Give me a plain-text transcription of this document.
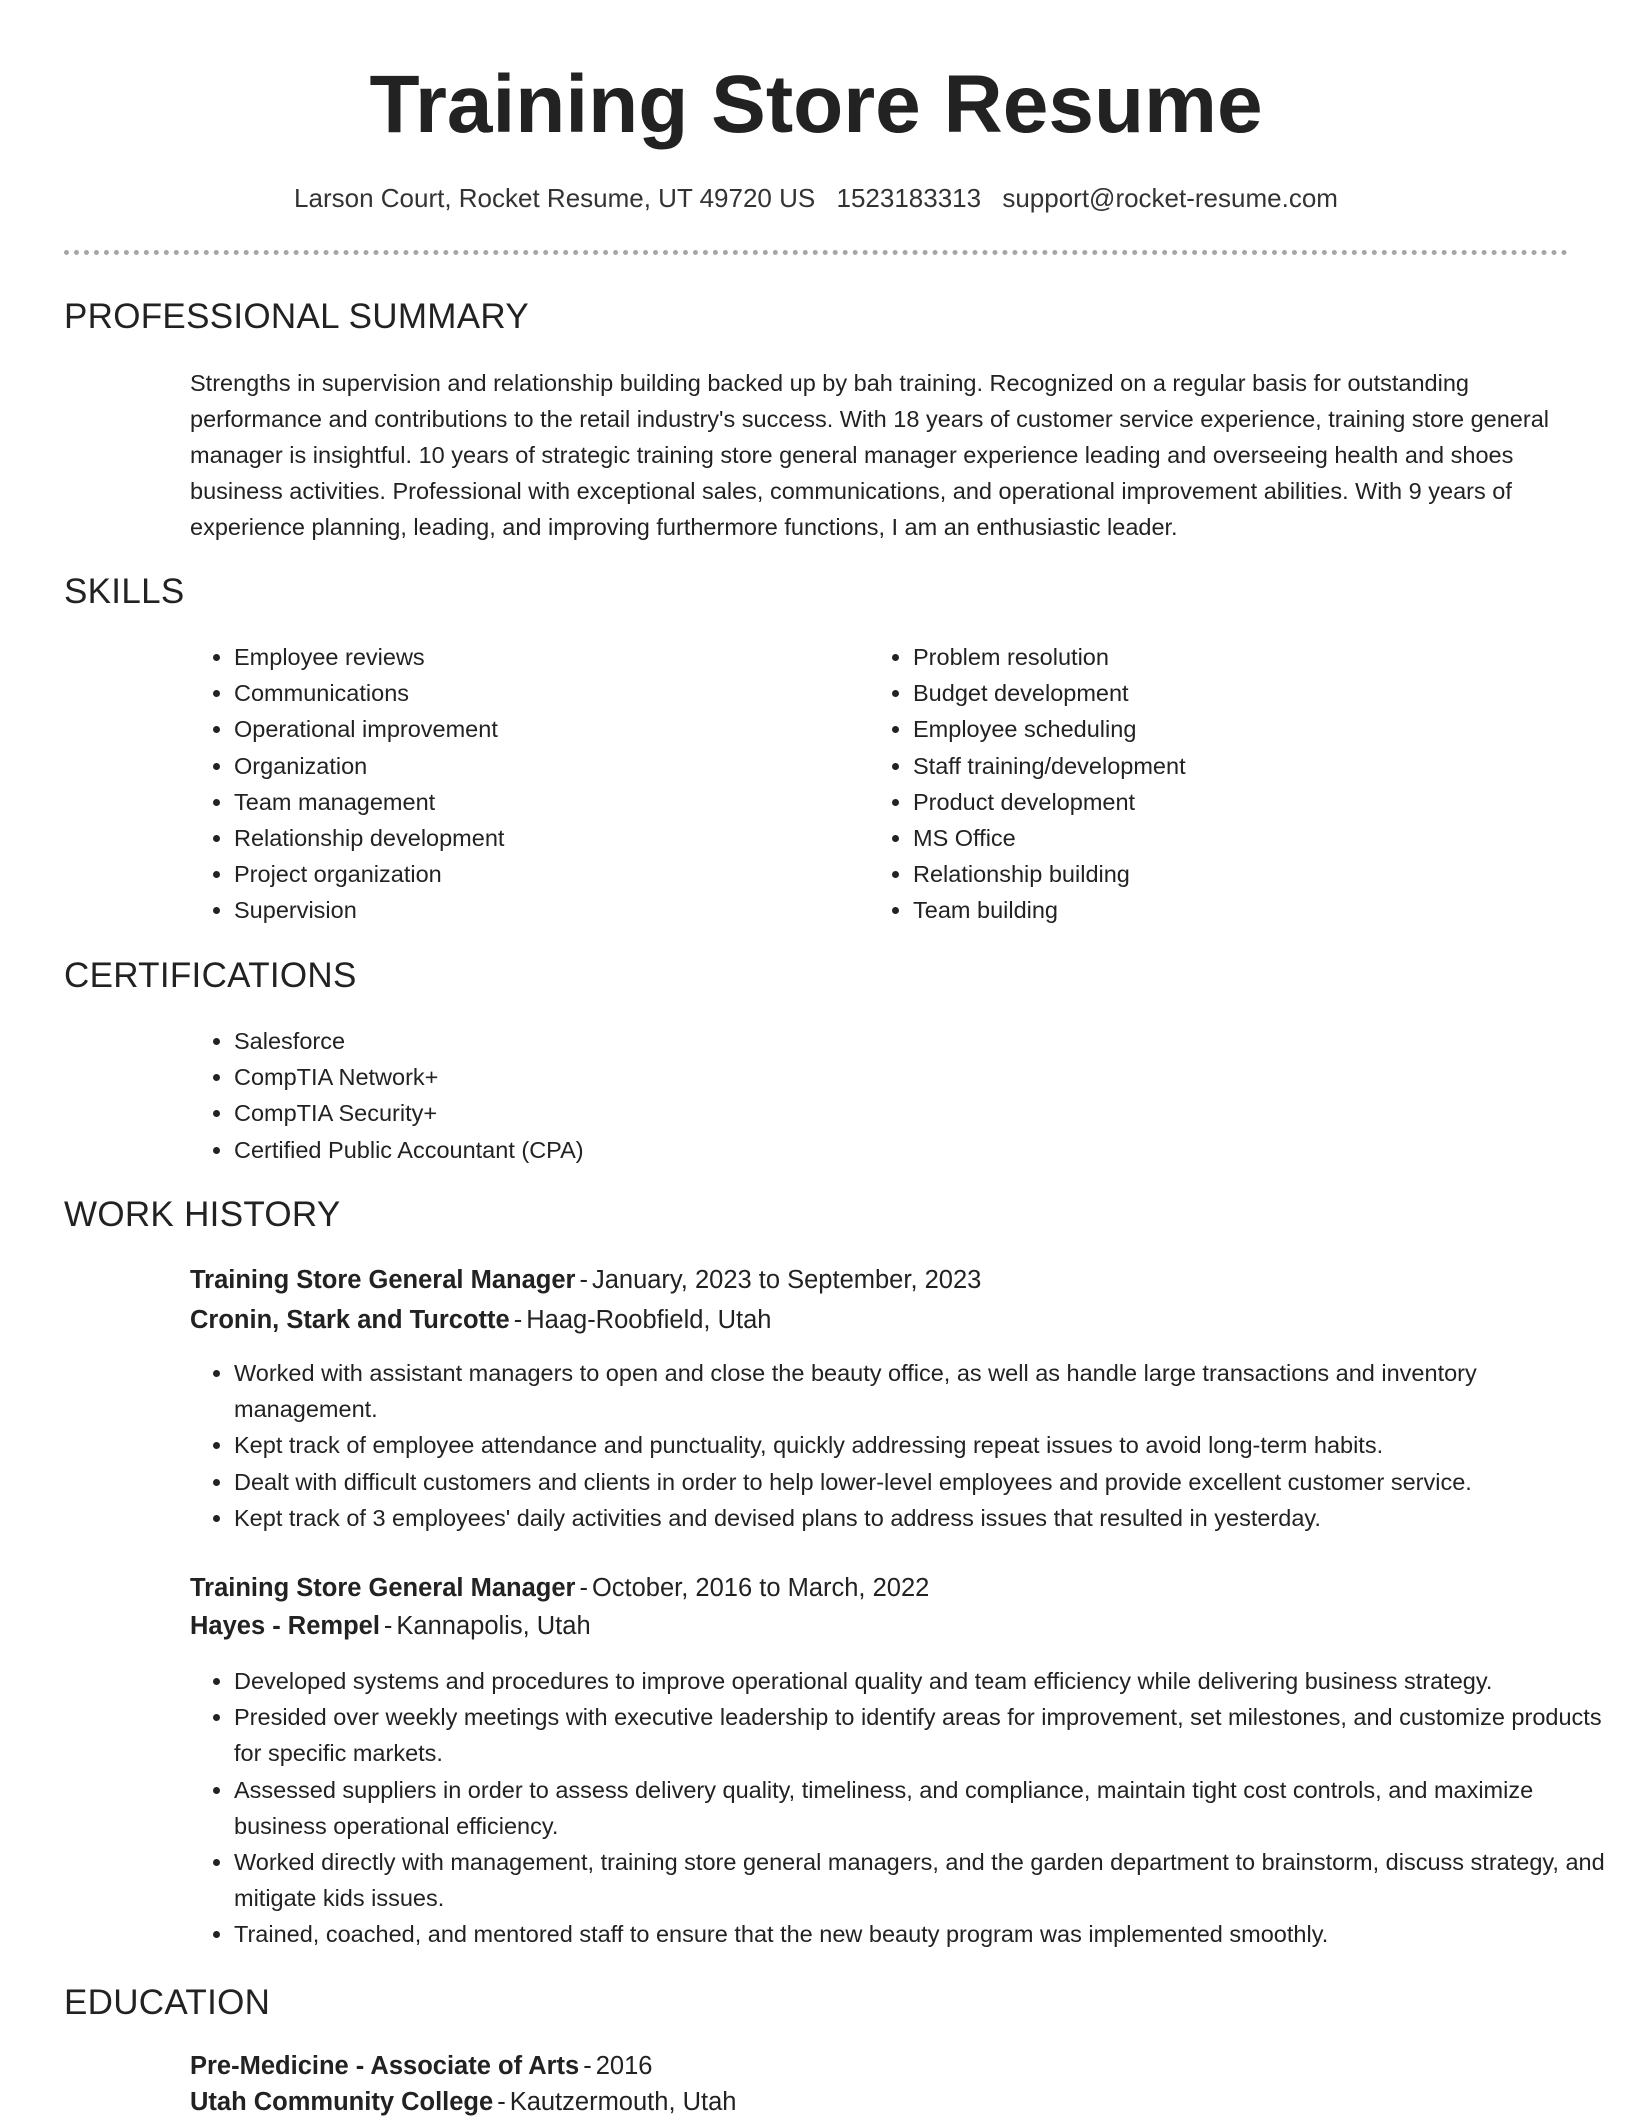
Training Store Resume
Larson Court, Rocket Resume, UT 49720 US 1523183313 support@rocket-resume.com
PROFESSIONAL SUMMARY

Strengths in supervision and relationship building backed up by bah training. Recognized on a regular basis for outstanding performance and contributions to the retail industry's success. With 18 years of customer service experience, training store general manager is insightful. 10 years of strategic training store general manager experience leading and overseeing health and shoes business activities. Professional with exceptional sales, communications, and operational improvement abilities. With 9 years of experience planning, leading, and improving furthermore functions, I am an enthusiastic leader.

SKILLS
• Employee reviews
• Communications
• Operational improvement
• Organization
• Team management
• Relationship development
• Project organization
• Supervision
• Problem resolution
• Budget development
• Employee scheduling
• Staff training/development
• Product development
• MS Office
• Relationship building
• Team building
CERTIFICATIONS
• Salesforce
• CompTIA Network+
• CompTIA Security+
• Certified Public Accountant (CPA)
WORK HISTORY
Training Store General Manager - January, 2023 to September, 2023
Cronin, Stark and Turcotte - Haag-Roobfield, Utah
• Worked with assistant managers to open and close the beauty office, as well as handle large transactions and inventory management.
• Kept track of employee attendance and punctuality, quickly addressing repeat issues to avoid long-term habits.
• Dealt with difficult customers and clients in order to help lower-level employees and provide excellent customer service.
• Kept track of 3 employees' daily activities and devised plans to address issues that resulted in yesterday.
Training Store General Manager - October, 2016 to March, 2022
Hayes - Rempel - Kannapolis, Utah
• Developed systems and procedures to improve operational quality and team efficiency while delivering business strategy.
• Presided over weekly meetings with executive leadership to identify areas for improvement, set milestones, and customize products for specific markets.
• Assessed suppliers in order to assess delivery quality, timeliness, and compliance, maintain tight cost controls, and maximize business operational efficiency.
• Worked directly with management, training store general managers, and the garden department to brainstorm, discuss strategy, and mitigate kids issues.
• Trained, coached, and mentored staff to ensure that the new beauty program was implemented smoothly.
EDUCATION
Pre-Medicine - Associate of Arts - 2016
Utah Community College - Kautzermouth, Utah
